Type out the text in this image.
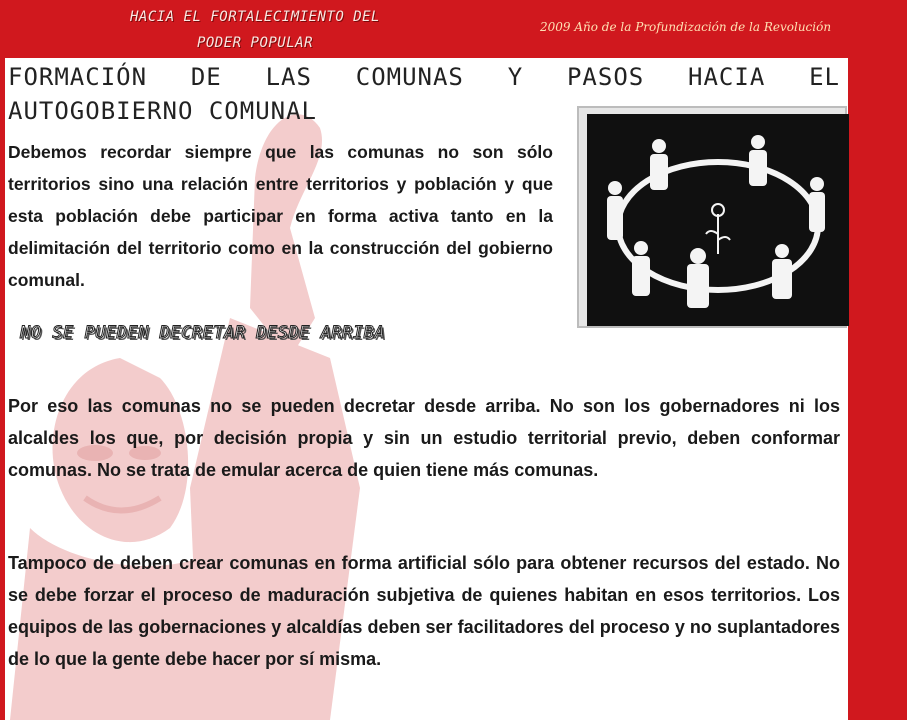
HACIA EL FORTALECIMIENTO DEL
PODER POPULAR
2009 Año de la Profundización de la Revolución
FORMACIÓN DE LAS COMUNAS Y PASOS HACIA EL AUTOGOBIERNO COMUNAL
Debemos recordar siempre que las comunas no son sólo territorios sino una relación entre territorios y población y que esta población debe participar en forma activa tanto en la delimitación del territorio como en la construcción del gobierno comunal.
NO SE PUEDEN DECRETAR DESDE ARRIBA
Por eso las comunas no se pueden decretar desde arriba. No son los gobernadores ni los alcaldes los que, por decisión propia y sin un estudio territorial previo, deben conformar comunas. No se trata de emular acerca de quien tiene más comunas.
Tampoco de deben crear comunas en forma artificial sólo para obtener recursos del estado. No se debe forzar el proceso de maduración subjetiva de quienes habitan en esos territorios. Los equipos de las gobernaciones y alcaldías deben ser facilitadores del proceso y no suplantadores de lo que la gente debe hacer por sí misma.
